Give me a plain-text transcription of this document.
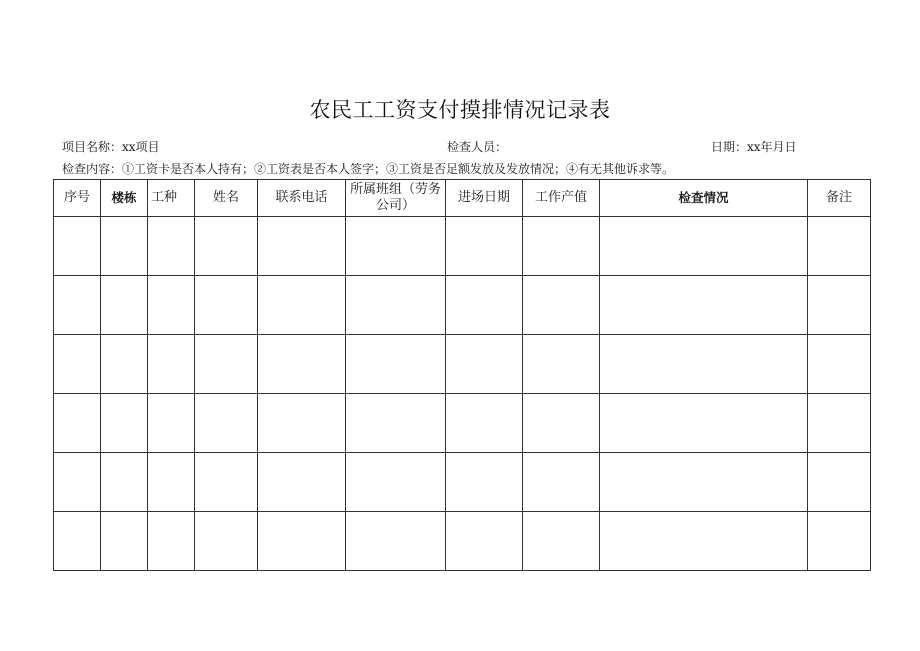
农民工工资支付摸排情况记录表
项目名称：xx项目	检查人员：	日期：xx年月日
检查内容：①工资卡是否本人持有；②工资表是否本人签字；③工资是否足额发放及发放情况；④有无其他诉求等。
序号	楼栋	工种	姓名	联系电话	所属班组（劳务公司）	进场日期	工作产值	检查情况	备注
